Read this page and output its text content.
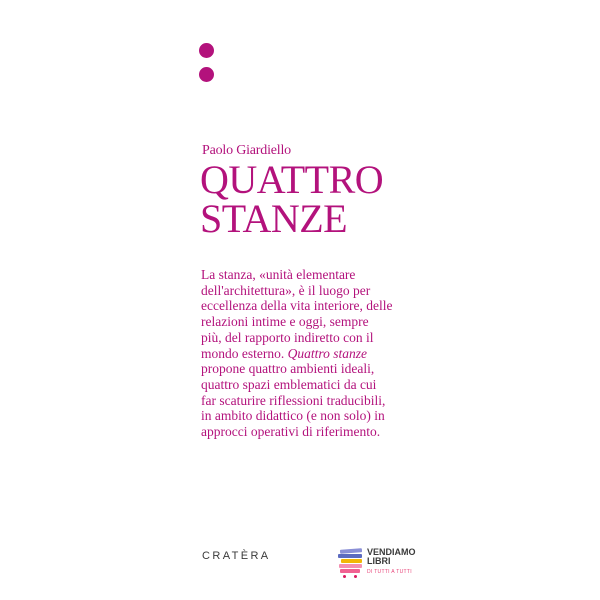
Paolo Giardiello
QUATTRO
STANZE
La stanza, «unità elementare
dell'architettura», è il luogo per
eccellenza della vita interiore, delle
relazioni intime e oggi, sempre
più, del rapporto indiretto con il
mondo esterno. Quattro stanze
propone quattro ambienti ideali,
quattro spazi emblematici da cui
far scaturire riflessioni traducibili,
in ambito didattico (e non solo) in
approcci operativi di riferimento.
CRATÈRA	VENDIAMO
LIBRI
DI TUTTI A TUTTI
